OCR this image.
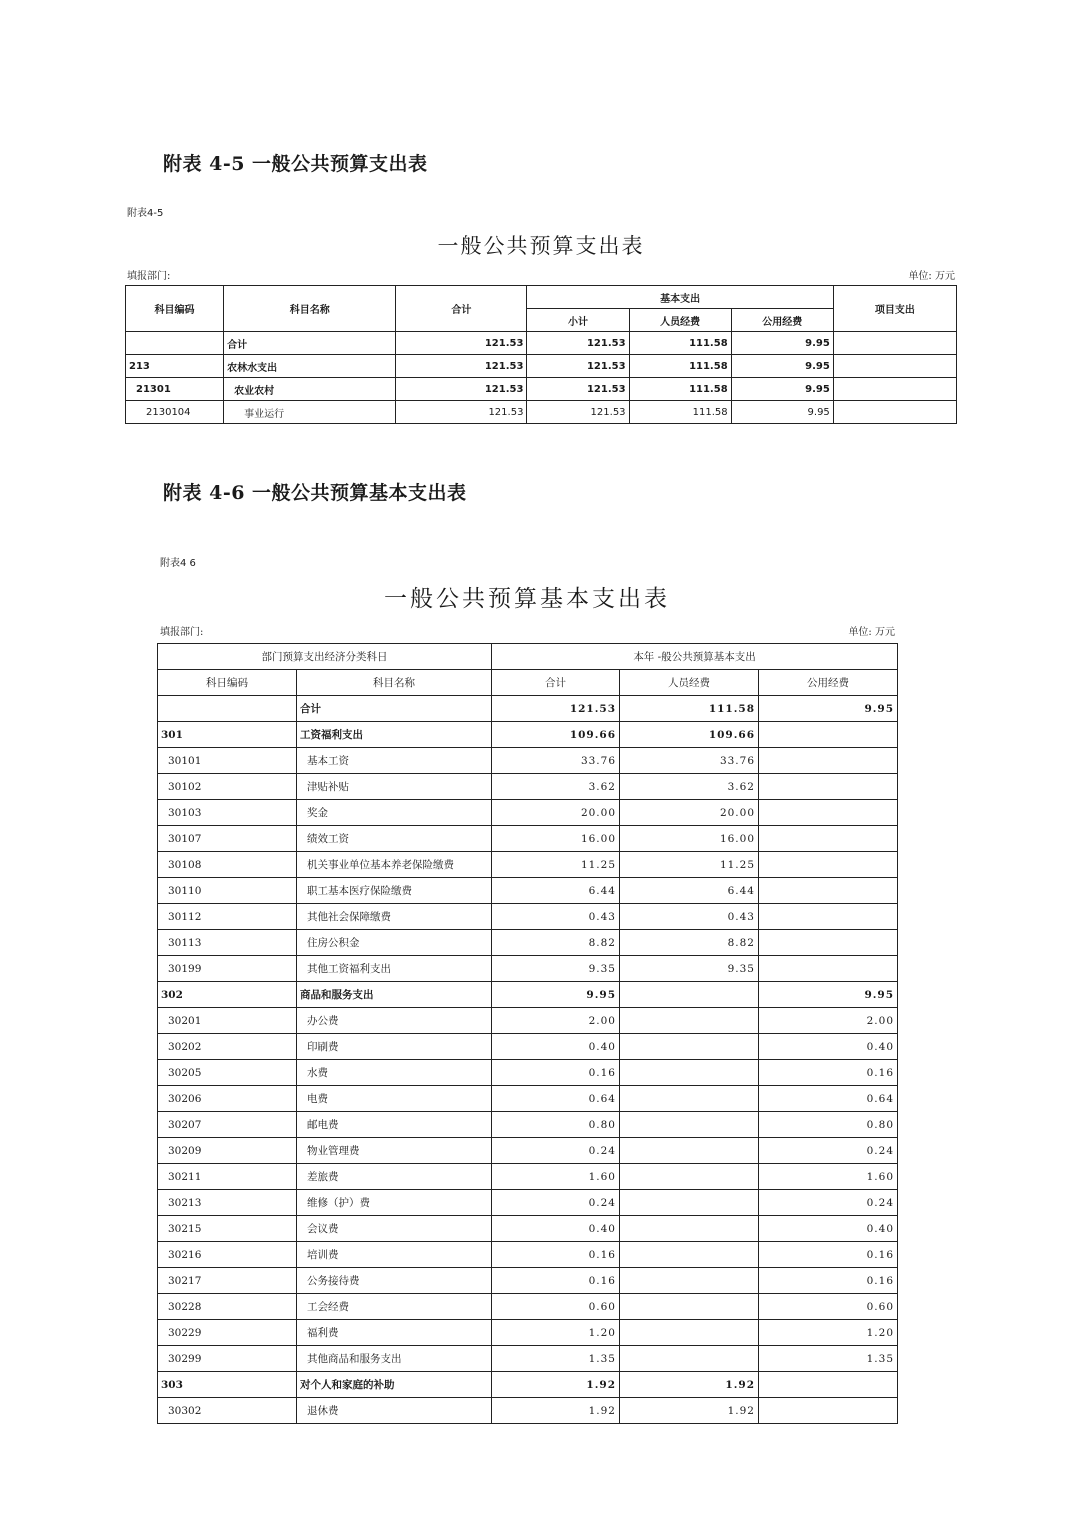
附表 4-5 一般公共预算支出表
附表4-5
一般公共预算支出表
填报部门:	单位: 万元
科目编码	科目名称	合计	基本支出			项目支出
			小计	人员经费	公用经费	
	合计	121.53	121.53	111.58	9.95	
213	农林水支出	121.53	121.53	111.58	9.95	
21301	农业农村	121.53	121.53	111.58	9.95	
2130104	事业运行	121.53	121.53	111.58	9.95	
附表 4-6 一般公共预算基本支出表
附表4 6
一般公共预算基本支出表
填报部门:	单位: 万元
部门预算支出经济分类科日		本年 -般公共预算基本支出		
科日编码	科目名称	合计	人员经费	公用经费
	合计	121.53	111.58	9.95
301	工资福利支出	109.66	109.66	
30101	基本工资	33.76	33.76	
30102	津贴补贴	3.62	3.62	
30103	奖金	20.00	20.00	
30107	绩效工资	16.00	16.00	
30108	机关事业单位基本养老保险缴费	11.25	11.25	
30110	职工基本医疗保险缴费	6.44	6.44	
30112	其他社会保障缴费	0.43	0.43	
30113	住房公积金	8.82	8.82	
30199	其他工资福利支出	9.35	9.35	
302	商品和服务支出	9.95		9.95
30201	办公费	2.00		2.00
30202	印刷费	0.40		0.40
30205	水费	0.16		0.16
30206	电费	0.64		0.64
30207	邮电费	0.80		0.80
30209	物业管理费	0.24		0.24
30211	差旅费	1.60		1.60
30213	维修（护）费	0.24		0.24
30215	会议费	0.40		0.40
30216	培训费	0.16		0.16
30217	公务接待费	0.16		0.16
30228	工会经费	0.60		0.60
30229	福利费	1.20		1.20
30299	其他商品和服务支出	1.35		1.35
303	对个人和家庭的补助	1.92	1.92	
30302	退休费	1.92	1.92	
